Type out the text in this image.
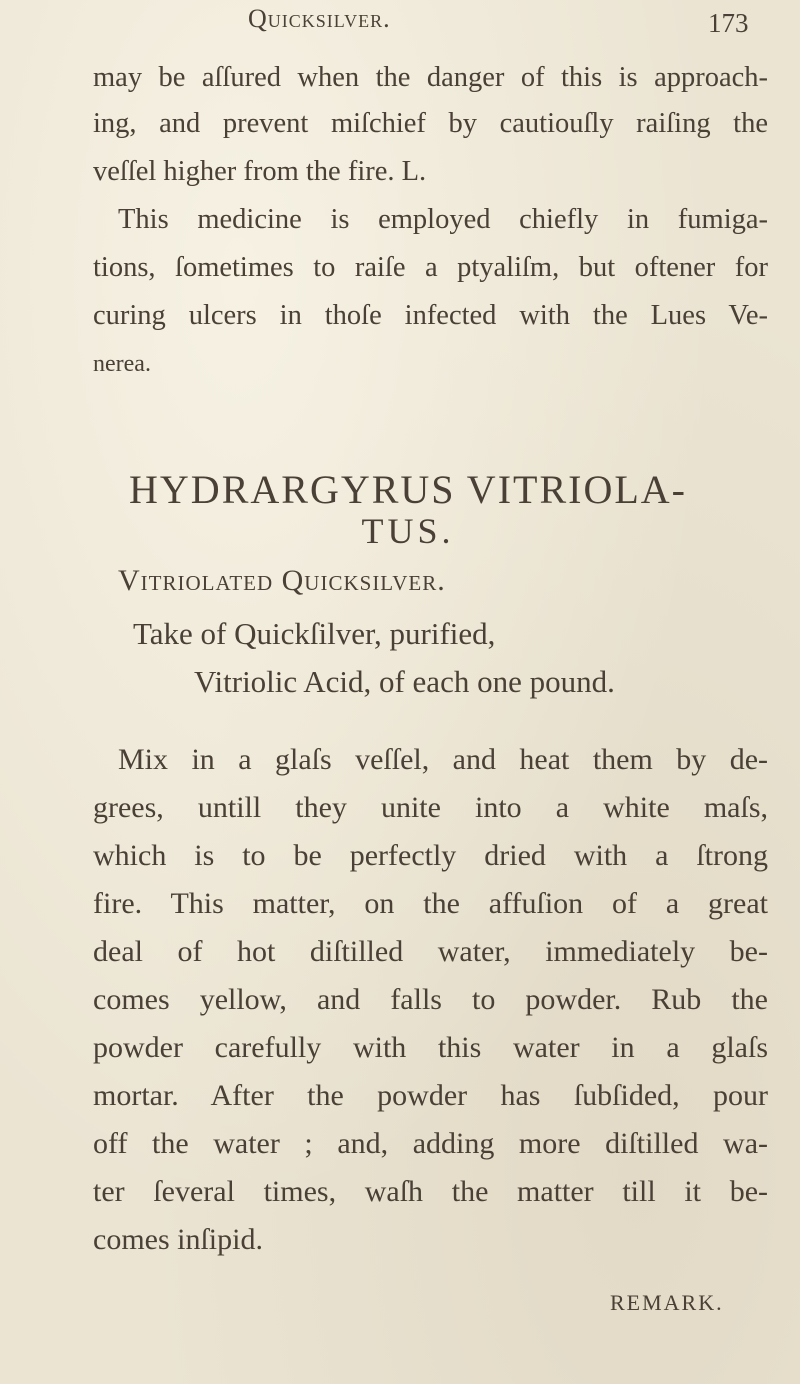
Quicksilver.	173
may be aſſured when the danger of this is approach-
ing, and prevent miſchief by cautiouſly raiſing the
veſſel higher from the fire. L.
This medicine is employed chiefly in fumiga-
tions, ſometimes to raiſe a ptyaliſm, but oftener for
curing ulcers in thoſe infected with the Lues Ve-
nerea.
HYDRARGYRUS VITRIOLA-
TUS.
Vitriolated Quicksilver.
Take of Quickſilver, purified,
Vitriolic Acid, of each one pound.
Mix in a glaſs veſſel, and heat them by de-
grees, untill they unite into a white maſs,
which is to be perfectly dried with a ſtrong
fire. This matter, on the affuſion of a great
deal of hot diſtilled water, immediately be-
comes yellow, and falls to powder. Rub the
powder carefully with this water in a glaſs
mortar. After the powder has ſubſided, pour
off the water ; and, adding more diſtilled wa-
ter ſeveral times, waſh the matter till it be-
comes inſipid.
REMARK.
